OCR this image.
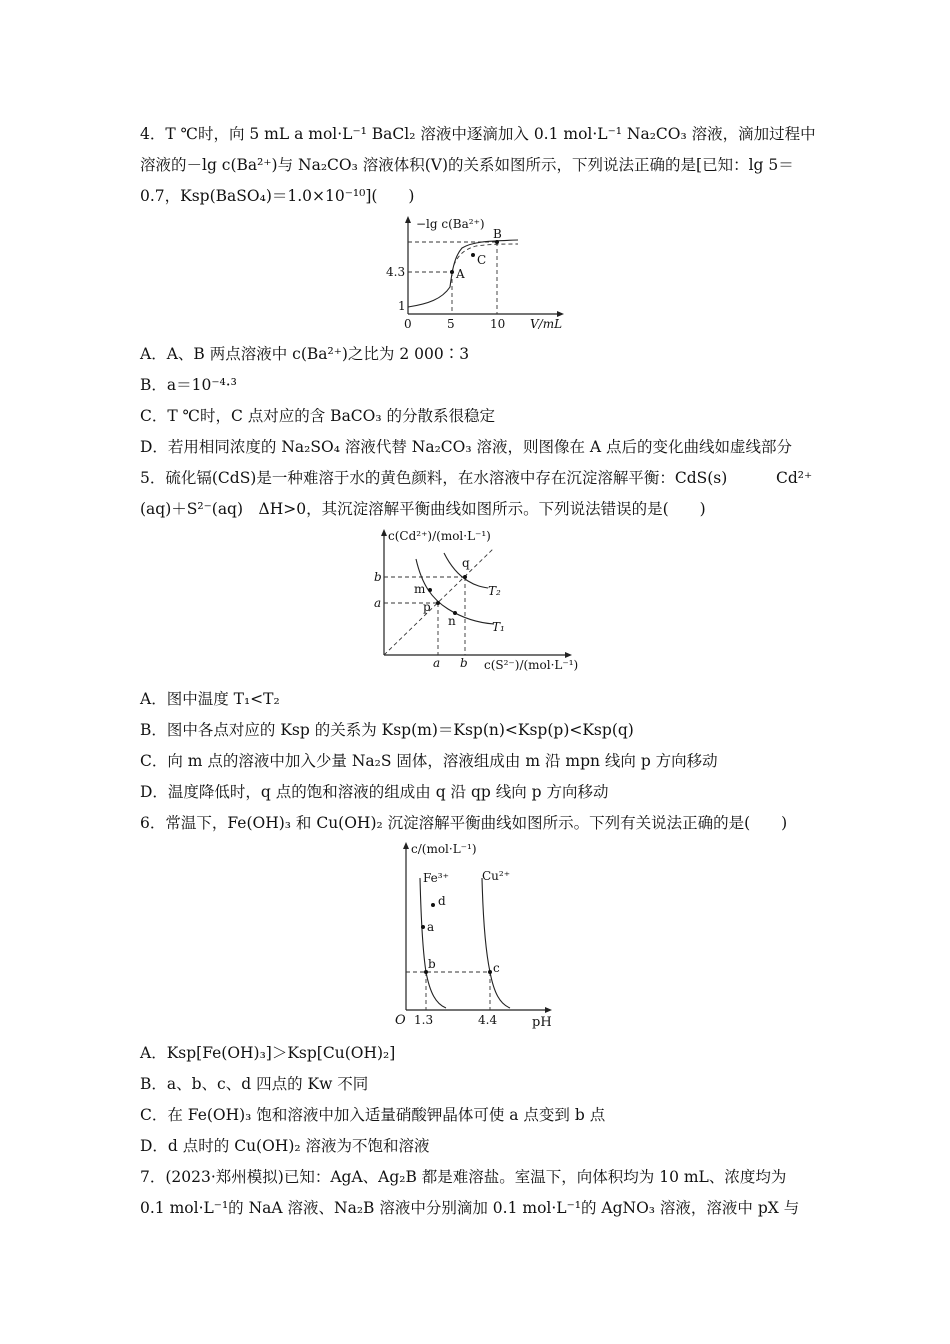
4．T ℃时，向 5 mL a mol·L⁻¹ BaCl₂ 溶液中逐滴加入 0.1 mol·L⁻¹ Na₂CO₃ 溶液，滴加过程中
溶液的－lg c(Ba²⁺)与 Na₂CO₃ 溶液体积(V)的关系如图所示，下列说法正确的是[已知：lg 5＝
0.7，Ksp(BaSO₄)＝1.0×10⁻¹⁰](　　)
−lg c(Ba²⁺)
V/mL
0	5	10
1
4.3	A
B
C
A．A、B 两点溶液中 c(Ba²⁺)之比为 2 000∶3
B．a＝10⁻⁴·³
C．T ℃时，C 点对应的含 BaCO₃ 的分散系很稳定
D．若用相同浓度的 Na₂SO₄ 溶液代替 Na₂CO₃ 溶液，则图像在 A 点后的变化曲线如虚线部分
5．硫化镉(CdS)是一种难溶于水的黄色颜料，在水溶液中存在沉淀溶解平衡：CdS(s)	Cd²⁺
(aq)＋S²⁻(aq)　ΔH>0，其沉淀溶解平衡曲线如图所示。下列说法错误的是(　　)
c(Cd²⁺)/(mol·L⁻¹)
c(S²⁻)/(mol·L⁻¹)
b
a
a b
m
p
n
q
T₁
T₂
A．图中温度 T₁<T₂
B．图中各点对应的 Ksp 的关系为 Ksp(m)＝Ksp(n)<Ksp(p)<Ksp(q)
C．向 m 点的溶液中加入少量 Na₂S 固体，溶液组成由 m 沿 mpn 线向 p 方向移动
D．温度降低时，q 点的饱和溶液的组成由 q 沿 qp 线向 p 方向移动
6．常温下，Fe(OH)₃ 和 Cu(OH)₂ 沉淀溶解平衡曲线如图所示。下列有关说法正确的是(　　)
c/(mol·L⁻¹)
pH
O 1.3	4.4
Fe³⁺	Cu²⁺
d
a
b	c
A．Ksp[Fe(OH)₃]＞Ksp[Cu(OH)₂]
B．a、b、c、d 四点的 Kw 不同
C．在 Fe(OH)₃ 饱和溶液中加入适量硝酸钾晶体可使 a 点变到 b 点
D．d 点时的 Cu(OH)₂ 溶液为不饱和溶液
7．(2023·郑州模拟)已知：AgA、Ag₂B 都是难溶盐。室温下，向体积均为 10 mL、浓度均为
0.1 mol·L⁻¹的 NaA 溶液、Na₂B 溶液中分别滴加 0.1 mol·L⁻¹的 AgNO₃ 溶液，溶液中 pX 与
